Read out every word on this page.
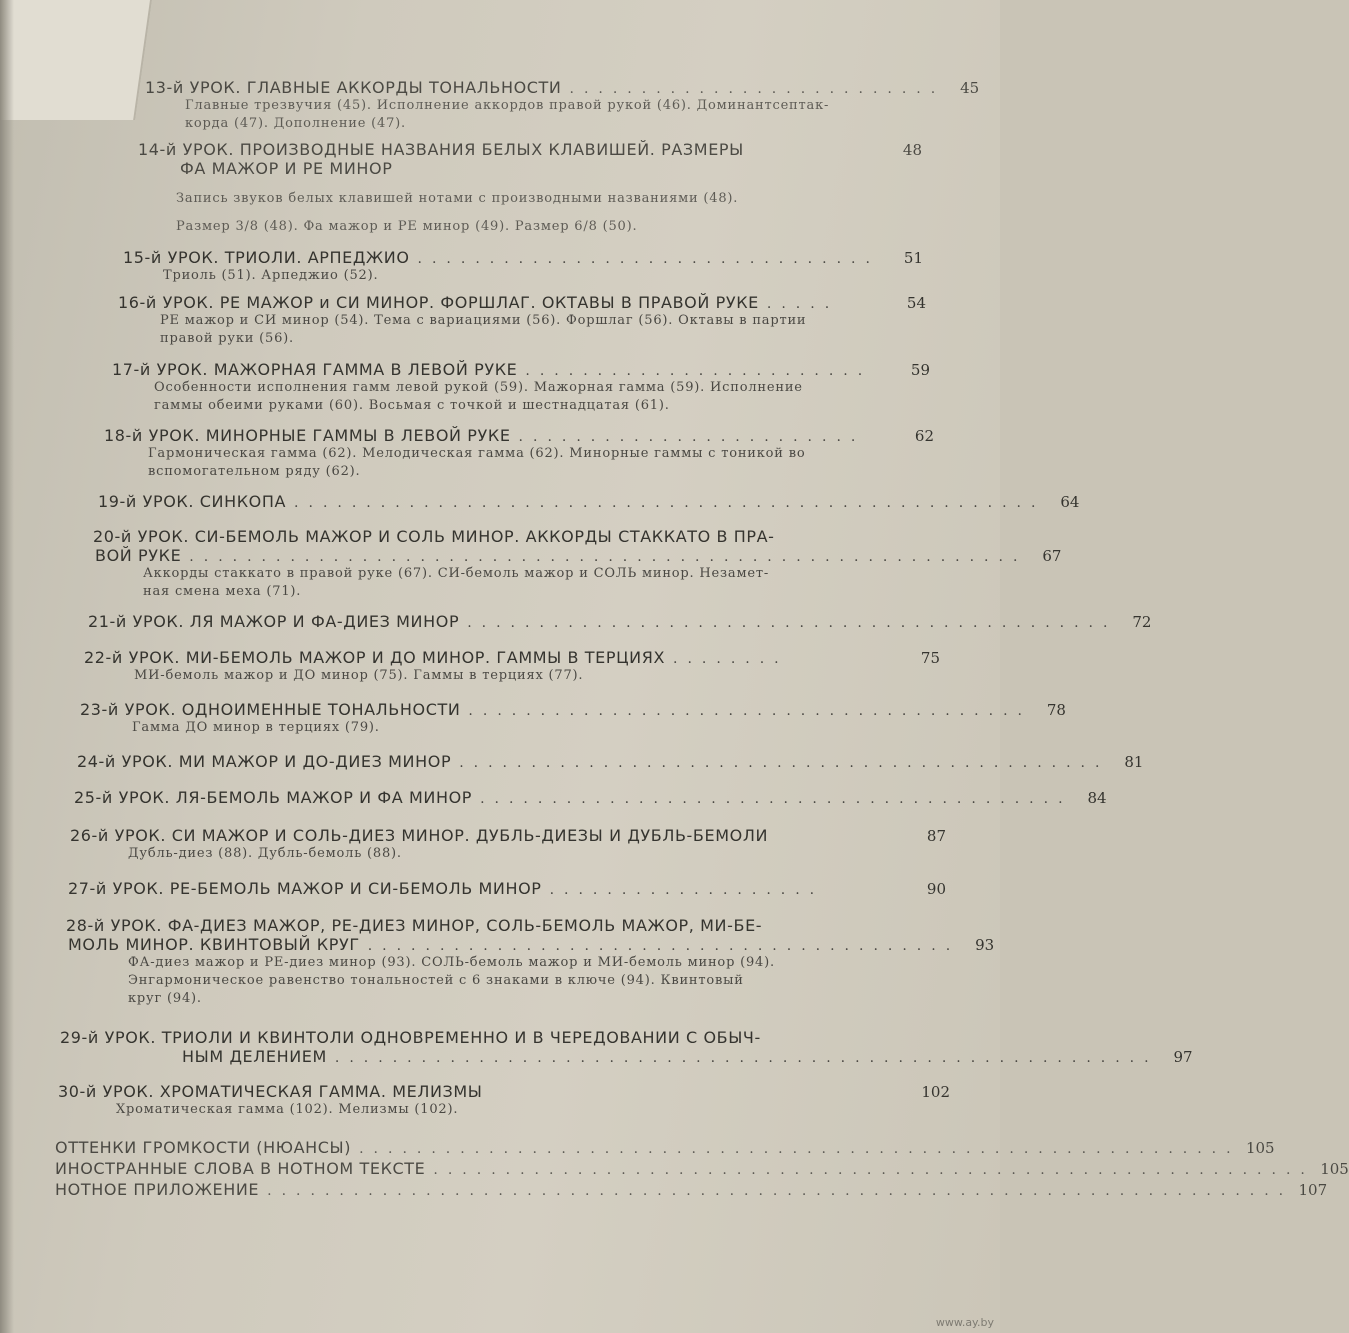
13-й УРОК. ГЛАВНЫЕ АККОРДЫ ТОНАЛЬНОСТИ .......................... 45
Главные трезвучия (45). Исполнение аккордов правой рукой (46). Доминантсептак-
корда (47). Дополнение (47).
14-й УРОК. ПРОИЗВОДНЫЕ НАЗВАНИЯ БЕЛЫХ КЛАВИШЕЙ. РАЗМЕРЫ	48
ФА МАЖОР И РЕ МИНОР
Запись звуков белых клавишей нотами с производными названиями (48).
Размер 3/8 (48). Фа мажор и РЕ минор (49). Размер 6/8 (50).
15-й УРОК. ТРИОЛИ. АРПЕДЖИО ................................	51
Триоль (51). Арпеджио (52).
16-й УРОК. РЕ МАЖОР и СИ МИНОР. ФОРШЛАГ. ОКТАВЫ В ПРАВОЙ РУКЕ .....	54
РЕ мажор и СИ минор (54). Тема с вариациями (56). Форшлаг (56). Октавы в партии
правой руки (56).
17-й УРОК. МАЖОРНАЯ ГАММА В ЛЕВОЙ РУКЕ ........................	59
Особенности исполнения гамм левой рукой (59). Мажорная гамма (59). Исполнение
гаммы обеими руками (60). Восьмая с точкой и шестнадцатая (61).
18-й УРОК. МИНОРНЫЕ ГАММЫ В ЛЕВОЙ РУКЕ ........................	62
Гармоническая гамма (62). Мелодическая гамма (62). Минорные гаммы с тоникой во
вспомогательном ряду (62).
19-й УРОК. СИНКОПА .................................................... 64
20-й УРОК. СИ-БЕМОЛЬ МАЖОР И СОЛЬ МИНОР. АККОРДЫ СТАККАТО В ПРА-
ВОЙ РУКЕ .......................................................... 67
Аккорды стаккато в правой руке (67). СИ-бемоль мажор и СОЛЬ минор. Незамет-
ная смена меха (71).
21-й УРОК. ЛЯ МАЖОР И ФА-ДИЕЗ МИНОР ............................................. 72
22-й УРОК. МИ-БЕМОЛЬ МАЖОР И ДО МИНОР. ГАММЫ В ТЕРЦИЯХ ........	75
МИ-бемоль мажор и ДО минор (75). Гаммы в терциях (77).
23-й УРОК. ОДНОИМЕННЫЕ ТОНАЛЬНОСТИ ....................................... 78
Гамма ДО минор в терциях (79).
24-й УРОК. МИ МАЖОР И ДО-ДИЕЗ МИНОР ............................................. 81
25-й УРОК. ЛЯ-БЕМОЛЬ МАЖОР И ФА МИНОР ......................................... 84
26-й УРОК. СИ МАЖОР И СОЛЬ-ДИЕЗ МИНОР. ДУБЛЬ-ДИЕЗЫ И ДУБЛЬ-БЕМОЛИ	87
Дубль-диез (88). Дубль-бемоль (88).
27-й УРОК. РЕ-БЕМОЛЬ МАЖОР И СИ-БЕМОЛЬ МИНОР ...................	90
28-й УРОК. ФА-ДИЕЗ МАЖОР, РЕ-ДИЕЗ МИНОР, СОЛЬ-БЕМОЛЬ МАЖОР, МИ-БЕ-
МОЛЬ МИНОР. КВИНТОВЫЙ КРУГ ......................................... 93
ФА-диез мажор и РЕ-диез минор (93). СОЛЬ-бемоль мажор и МИ-бемоль минор (94).
Энгармоническое равенство тональностей с 6 знаками в ключе (94). Квинтовый
круг (94).
29-й УРОК. ТРИОЛИ И КВИНТОЛИ ОДНОВРЕМЕННО И В ЧЕРЕДОВАНИИ С ОБЫЧ-
НЫМ ДЕЛЕНИЕМ ......................................................... 97
30-й УРОК. ХРОМАТИЧЕСКАЯ ГАММА. МЕЛИЗМЫ	102
Хроматическая гамма (102). Мелизмы (102).
ОТТЕНКИ ГРОМКОСТИ (НЮАНСЫ) ............................................................. 105
ИНОСТРАННЫЕ СЛОВА В НОТНОМ ТЕКСТЕ ............................................................. 105
НОТНОЕ ПРИЛОЖЕНИЕ ....................................................................... 107
www.ay.by
